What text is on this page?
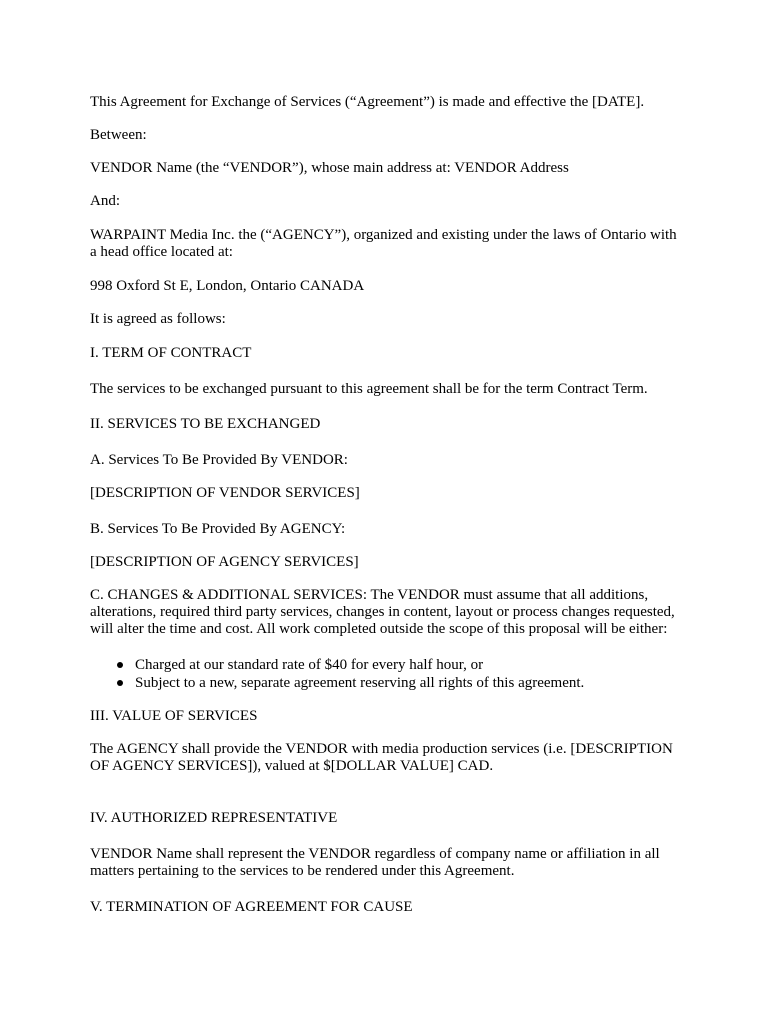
This Agreement for Exchange of Services (“Agreement”) is made and effective the [DATE].

Between:

VENDOR Name (the “VENDOR”), whose main address at: VENDOR Address

And:

WARPAINT Media Inc. the (“AGENCY”), organized and existing under the laws of Ontario with a head office located at:

998 Oxford St E, London, Ontario CANADA

It is agreed as follows:

I. TERM OF CONTRACT

The services to be exchanged pursuant to this agreement shall be for the term Contract Term.

II. SERVICES TO BE EXCHANGED

A. Services To Be Provided By VENDOR:

[DESCRIPTION OF VENDOR SERVICES]

B. Services To Be Provided By AGENCY:

[DESCRIPTION OF AGENCY SERVICES]

C. CHANGES & ADDITIONAL SERVICES: The VENDOR must assume that all additions, alterations, required third party services, changes in content, layout or process changes requested, will alter the time and cost. All work completed outside the scope of this proposal will be either:

Charged at our standard rate of $40 for every half hour, or
Subject to a new, separate agreement reserving all rights of this agreement.

III. VALUE OF SERVICES

The AGENCY shall provide the VENDOR with media production services (i.e. [DESCRIPTION OF AGENCY SERVICES]), valued at $[DOLLAR VALUE] CAD.

IV. AUTHORIZED REPRESENTATIVE

VENDOR Name shall represent the VENDOR regardless of company name or affiliation in all matters pertaining to the services to be rendered under this Agreement.

V. TERMINATION OF AGREEMENT FOR CAUSE
